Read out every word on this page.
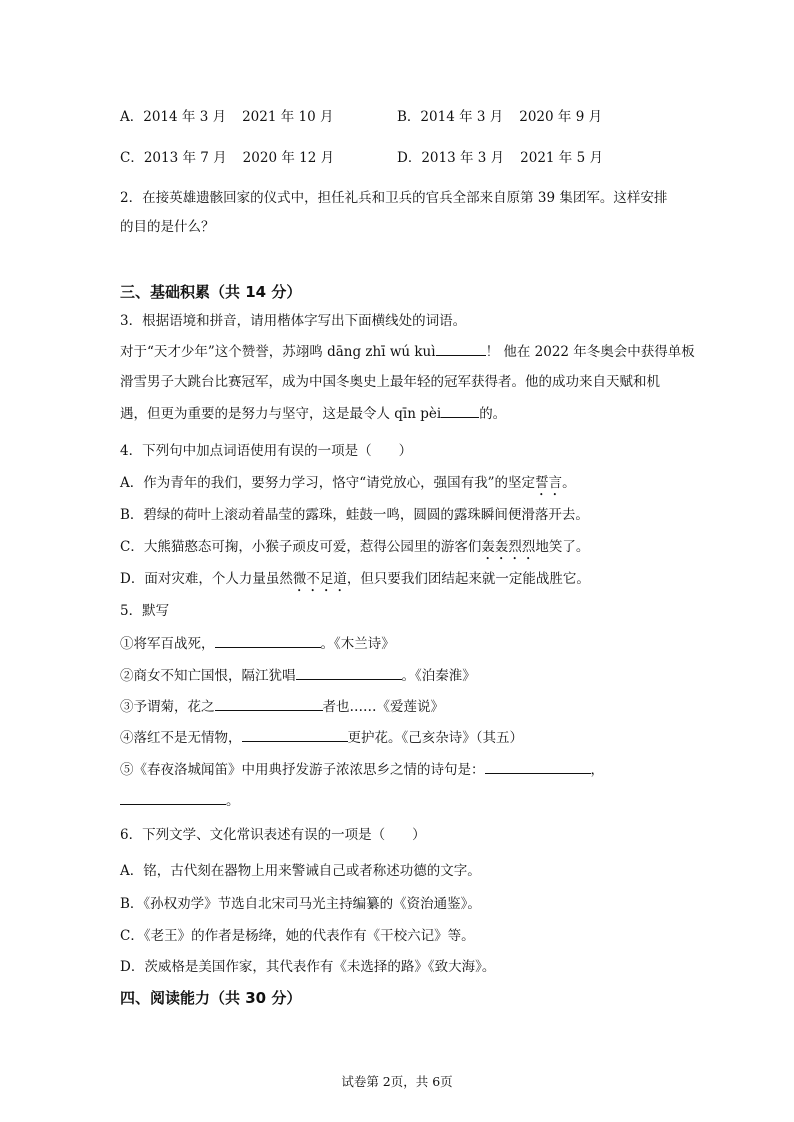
A．2014 年 3 月 2021 年 10 月	B．2014 年 3 月 2020 年 9 月
C．2013 年 7 月 2020 年 12 月	D．2013 年 3 月 2021 年 5 月
2．在接英雄遗骸回家的仪式中，担任礼兵和卫兵的官兵全部来自原第 39 集团军。这样安排
的目的是什么？
三、基础积累（共 14 分）
3．根据语境和拼音，请用楷体字写出下面横线处的词语。
对于“天才少年”这个赞誉，苏翊鸣 dāng zhī wú kuì	！ 他在 2022 年冬奥会中获得单板
滑雪男子大跳台比赛冠军，成为中国冬奥史上最年轻的冠军获得者。他的成功来自天赋和机
遇，但更为重要的是努力与坚守，这是最令人 qīn pèi	的。
4．下列句中加点词语使用有误的一项是（　　）
A．作为青年的我们，要努力学习，恪守“请党放心，强国有我”的坚定誓言。
B．碧绿的荷叶上滚动着晶莹的露珠，蛙鼓一鸣，圆圆的露珠瞬间便滑落开去。
C．大熊猫憨态可掬，小猴子顽皮可爱，惹得公园里的游客们轰轰烈烈地笑了。
D．面对灾难，个人力量虽然微不足道，但只要我们团结起来就一定能战胜它。
5．默写
①将军百战死，	。《木兰诗》
②商女不知亡国恨，隔江犹唱	。《泊秦淮》
③予谓菊，花之	者也……《爱莲说》
④落红不是无情物，	更护花。《己亥杂诗》（其五）
⑤《春夜洛城闻笛》中用典抒发游子浓浓思乡之情的诗句是：	，
。
6．下列文学、文化常识表述有误的一项是（　　）
A．铭，古代刻在器物上用来警诫自己或者称述功德的文字。
B．《孙权劝学》节选自北宋司马光主持编纂的《资治通鉴》。
C．《老王》的作者是杨绛，她的代表作有《干校六记》等。
D．茨威格是美国作家，其代表作有《未选择的路》《致大海》。
四、阅读能力（共 30 分）
试卷第 2页，共 6页
